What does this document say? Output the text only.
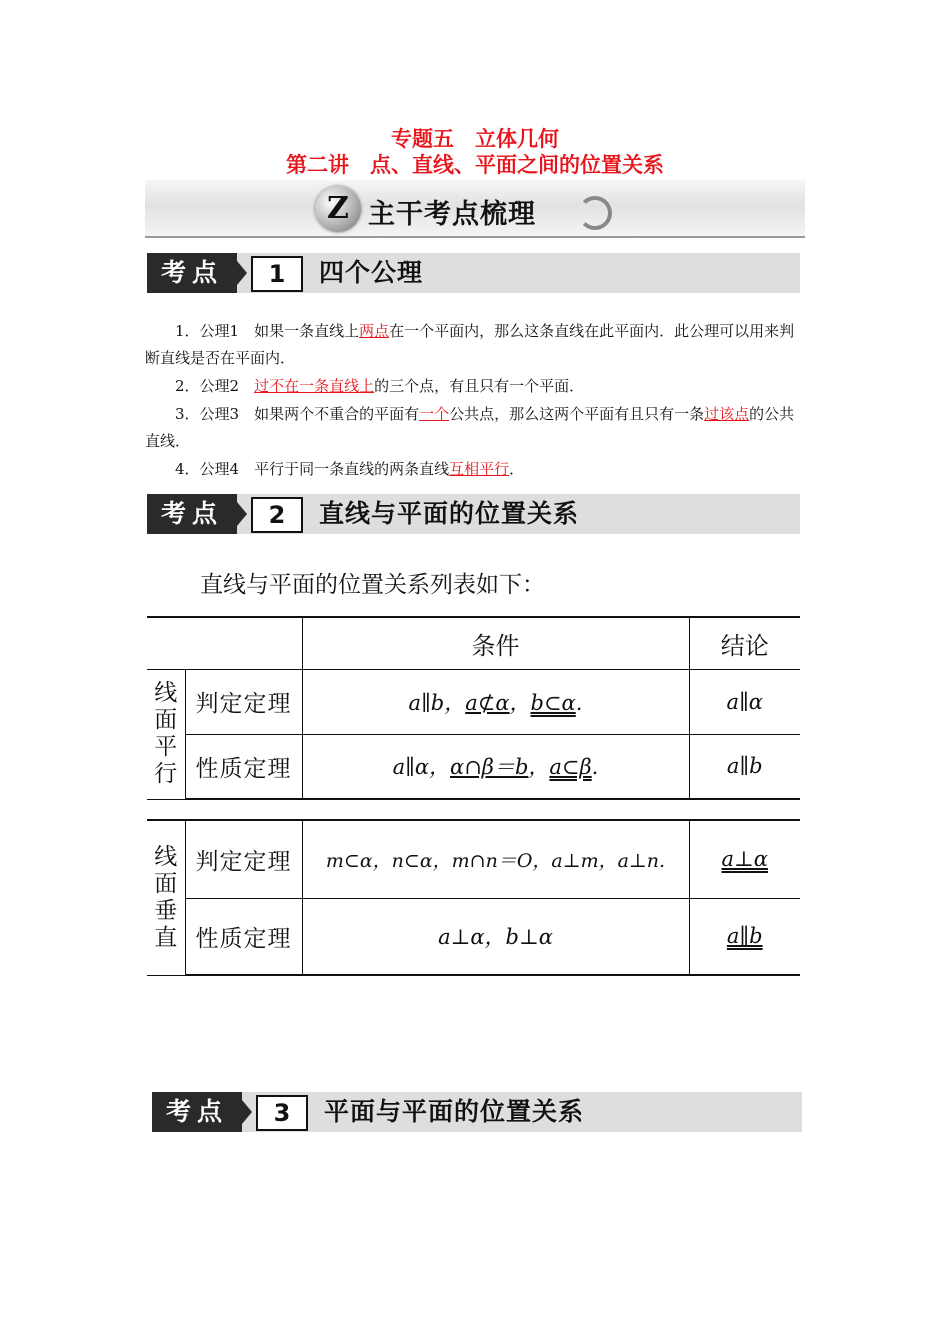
专题五　立体几何
第二讲　点、直线、平面之间的位置关系
Z 主干考点梳理
考点	1	四个公理
1．公理1　如果一条直线上两点在一个平面内，那么这条直线在此平面内．此公理可以用来判断直线是否在平面内．
2．公理2　过不在一条直线上的三个点，有且只有一个平面．
3．公理3　如果两个不重合的平面有一个公共点，那么这两个平面有且只有一条过该点的公共直线．
4．公理4　平行于同一条直线的两条直线互相平行．
考点	2	直线与平面的位置关系
直线与平面的位置关系列表如下：
		条件	结论

线面平行	判定定理	a∥b，a⊄α，b⊂α.	a∥α
	性质定理	a∥α，α∩β＝b，a⊂β.	a∥b
线面垂直	判定定理	m⊂α，n⊂α，m∩n＝O，a⊥m，a⊥n.	a⊥α
	性质定理	a⊥α，b⊥α	a∥b
考点	3	平面与平面的位置关系
